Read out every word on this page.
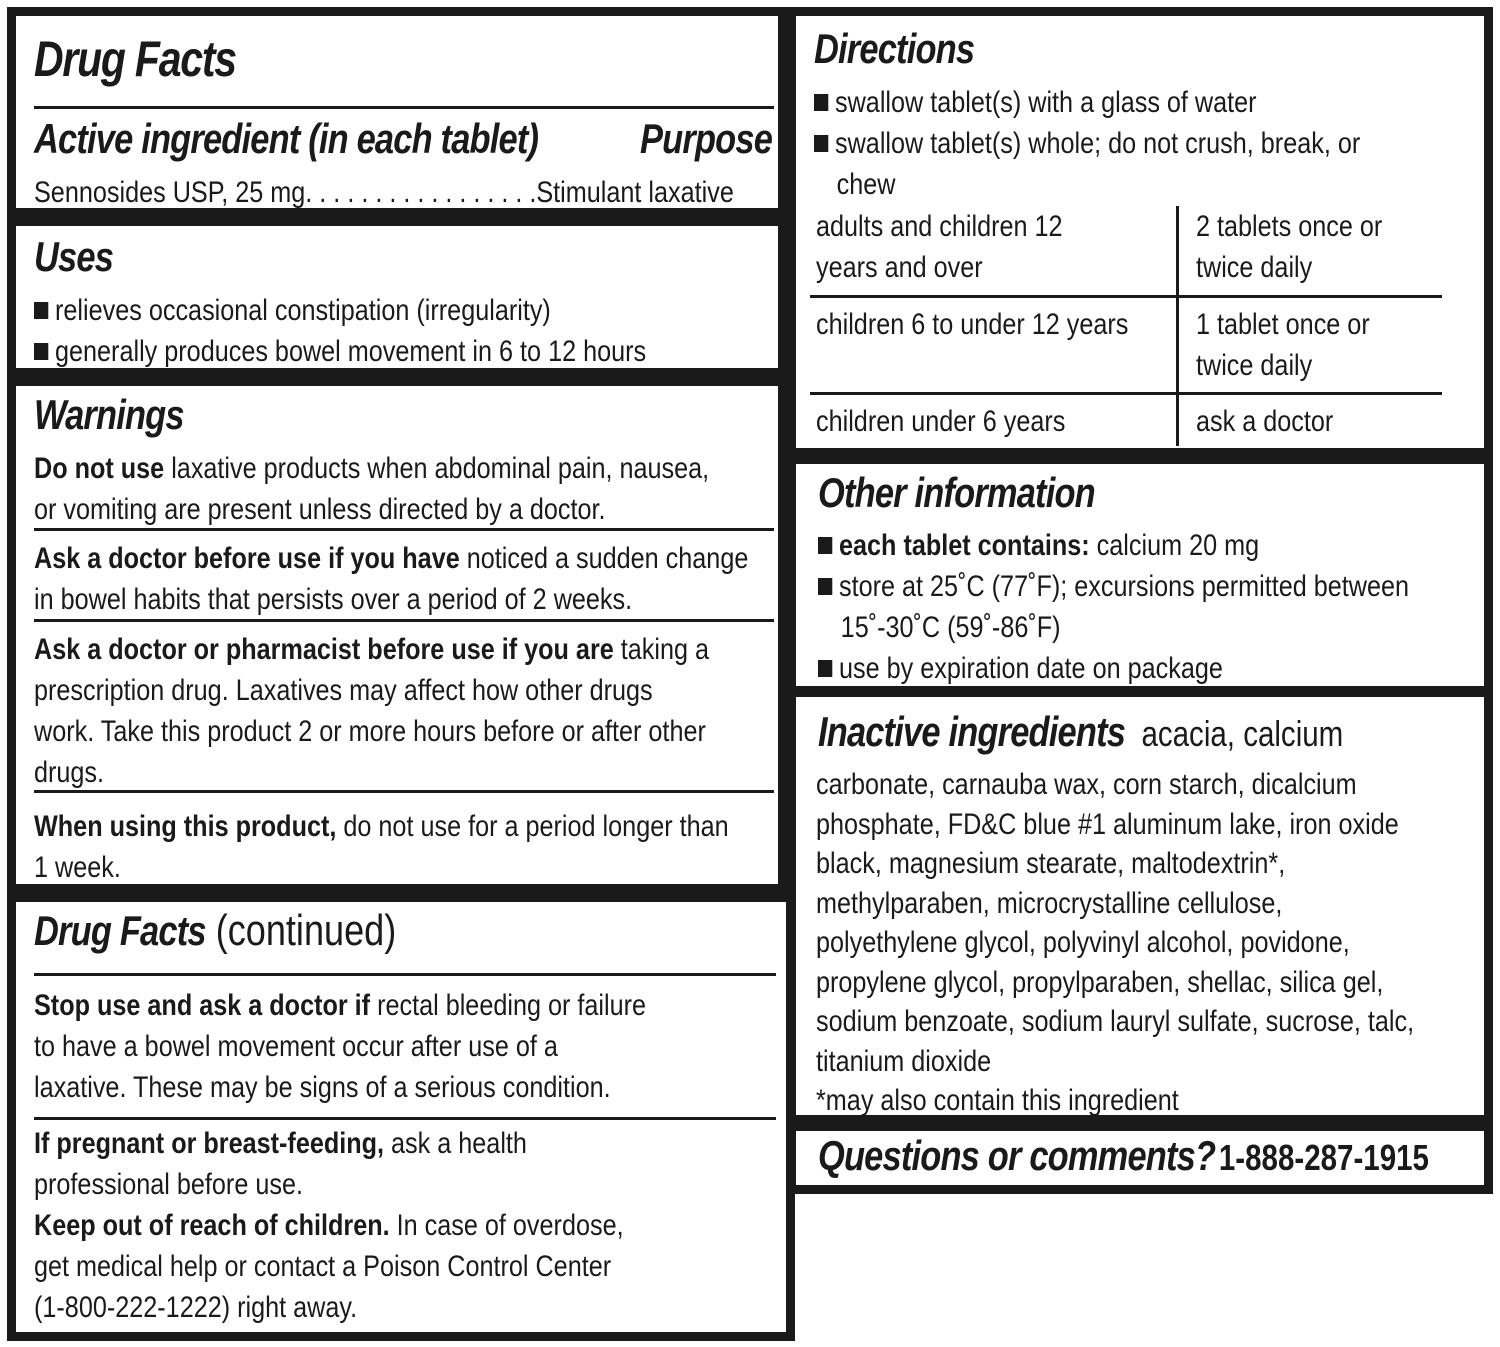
Drug Facts
Active ingredient (in each tablet) Purpose
Sennosides USP, 25 mg. . . . . . . . . . . . . . . . .Stimulant laxative
Uses
relieves occasional constipation (irregularity)
generally produces bowel movement in 6 to 12 hours
Warnings
Do not use laxative products when abdominal pain, nausea,
or vomiting are present unless directed by a doctor.
Ask a doctor before use if you have noticed a sudden change
in bowel habits that persists over a period of 2 weeks.
Ask a doctor or pharmacist before use if you are taking a
prescription drug. Laxatives may affect how other drugs
work. Take this product 2 or more hours before or after other
drugs.
When using this product, do not use for a period longer than
1 week.
Drug Facts (continued)
Stop use and ask a doctor if rectal bleeding or failure
to have a bowel movement occur after use of a
laxative. These may be signs of a serious condition.
If pregnant or breast-feeding, ask a health
professional before use.
Keep out of reach of children. In case of overdose,
get medical help or contact a Poison Control Center
(1-800-222-1222) right away.
Directions
swallow tablet(s) with a glass of water
swallow tablet(s) whole; do not crush, break, or
chew
adults and children 12
years and over
2 tablets once or
twice daily
children 6 to under 12 years 1 tablet once or
twice daily
children under 6 years	ask a doctor
Other information
each tablet contains: calcium 20 mg
store at 25˚C (77˚F); excursions permitted between
15˚-30˚C (59˚-86˚F)
use by expiration date on package
Inactive ingredients acacia, calcium
carbonate, carnauba wax, corn starch, dicalcium
phosphate, FD&C blue #1 aluminum lake, iron oxide
black, magnesium stearate, maltodextrin*,
methylparaben, microcrystalline cellulose,
polyethylene glycol, polyvinyl alcohol, povidone,
propylene glycol, propylparaben, shellac, silica gel,
sodium benzoate, sodium lauryl sulfate, sucrose, talc,
titanium dioxide
*may also contain this ingredient
Questions or comments? 1-888-287-1915
